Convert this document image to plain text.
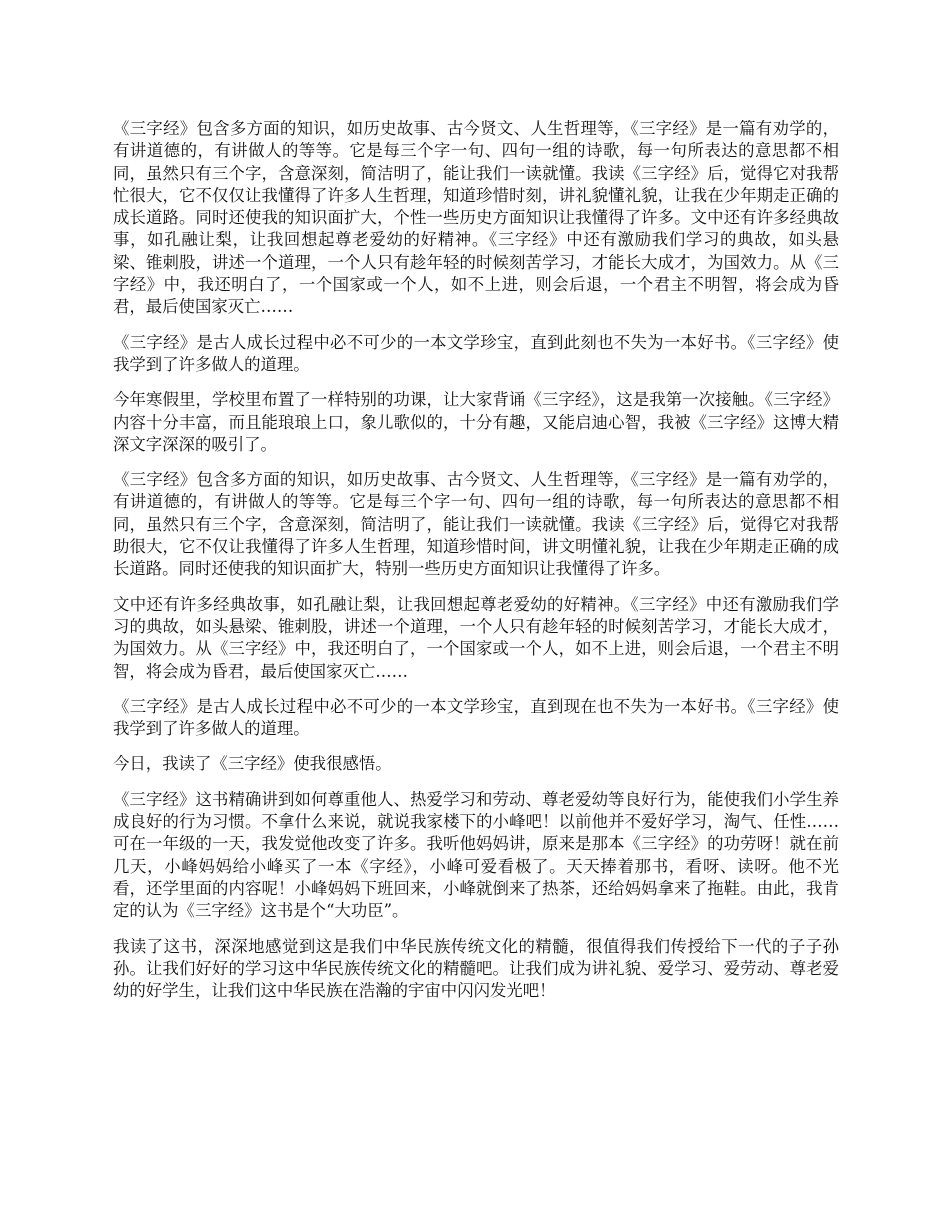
《三字经》包含多方面的知识，如历史故事、古今贤文、人生哲理等，《三字经》是一篇有劝学的，有讲道德的，有讲做人的等等。它是每三个字一句、四句一组的诗歌，每一句所表达的意思都不相同，虽然只有三个字，含意深刻，简洁明了，能让我们一读就懂。我读《三字经》后，觉得它对我帮忙很大，它不仅仅让我懂得了许多人生哲理，知道珍惜时刻，讲礼貌懂礼貌，让我在少年期走正确的成长道路。同时还使我的知识面扩大，个性一些历史方面知识让我懂得了许多。文中还有许多经典故事，如孔融让梨，让我回想起尊老爱幼的好精神。《三字经》中还有激励我们学习的典故，如头悬梁、锥刺股，讲述一个道理，一个人只有趁年轻的时候刻苦学习，才能长大成才，为国效力。从《三字经》中，我还明白了，一个国家或一个人，如不上进，则会后退，一个君主不明智，将会成为昏君，最后使国家灭亡……

《三字经》是古人成长过程中必不可少的一本文学珍宝，直到此刻也不失为一本好书。《三字经》使我学到了许多做人的道理。

今年寒假里，学校里布置了一样特别的功课，让大家背诵《三字经》，这是我第一次接触。《三字经》内容十分丰富，而且能琅琅上口，象儿歌似的，十分有趣，又能启迪心智，我被《三字经》这博大精深文字深深的吸引了。

《三字经》包含多方面的知识，如历史故事、古今贤文、人生哲理等，《三字经》是一篇有劝学的，有讲道德的，有讲做人的等等。它是每三个字一句、四句一组的诗歌，每一句所表达的意思都不相同，虽然只有三个字，含意深刻，简洁明了，能让我们一读就懂。我读《三字经》后，觉得它对我帮助很大，它不仅让我懂得了许多人生哲理，知道珍惜时间，讲文明懂礼貌，让我在少年期走正确的成长道路。同时还使我的知识面扩大，特别一些历史方面知识让我懂得了许多。

文中还有许多经典故事，如孔融让梨，让我回想起尊老爱幼的好精神。《三字经》中还有激励我们学习的典故，如头悬梁、锥刺股，讲述一个道理，一个人只有趁年轻的时候刻苦学习，才能长大成才，为国效力。从《三字经》中，我还明白了，一个国家或一个人，如不上进，则会后退，一个君主不明智，将会成为昏君，最后使国家灭亡……

《三字经》是古人成长过程中必不可少的一本文学珍宝，直到现在也不失为一本好书。《三字经》使我学到了许多做人的道理。

今日，我读了《三字经》使我很感悟。

《三字经》这书精确讲到如何尊重他人、热爱学习和劳动、尊老爱幼等良好行为，能使我们小学生养成良好的行为习惯。不拿什么来说，就说我家楼下的小峰吧！以前他并不爱好学习，淘气、任性……可在一年级的一天，我发觉他改变了许多。我听他妈妈讲，原来是那本《三字经》的功劳呀！就在前几天，小峰妈妈给小峰买了一本《字经》，小峰可爱看极了。天天捧着那书，看呀、读呀。他不光看，还学里面的内容呢！小峰妈妈下班回来，小峰就倒来了热茶，还给妈妈拿来了拖鞋。由此，我肯定的认为《三字经》这书是个“大功臣”。

我读了这书，深深地感觉到这是我们中华民族传统文化的精髓，很值得我们传授给下一代的子子孙孙。让我们好好的学习这中华民族传统文化的精髓吧。让我们成为讲礼貌、爱学习、爱劳动、尊老爱幼的好学生，让我们这中华民族在浩瀚的宇宙中闪闪发光吧！
